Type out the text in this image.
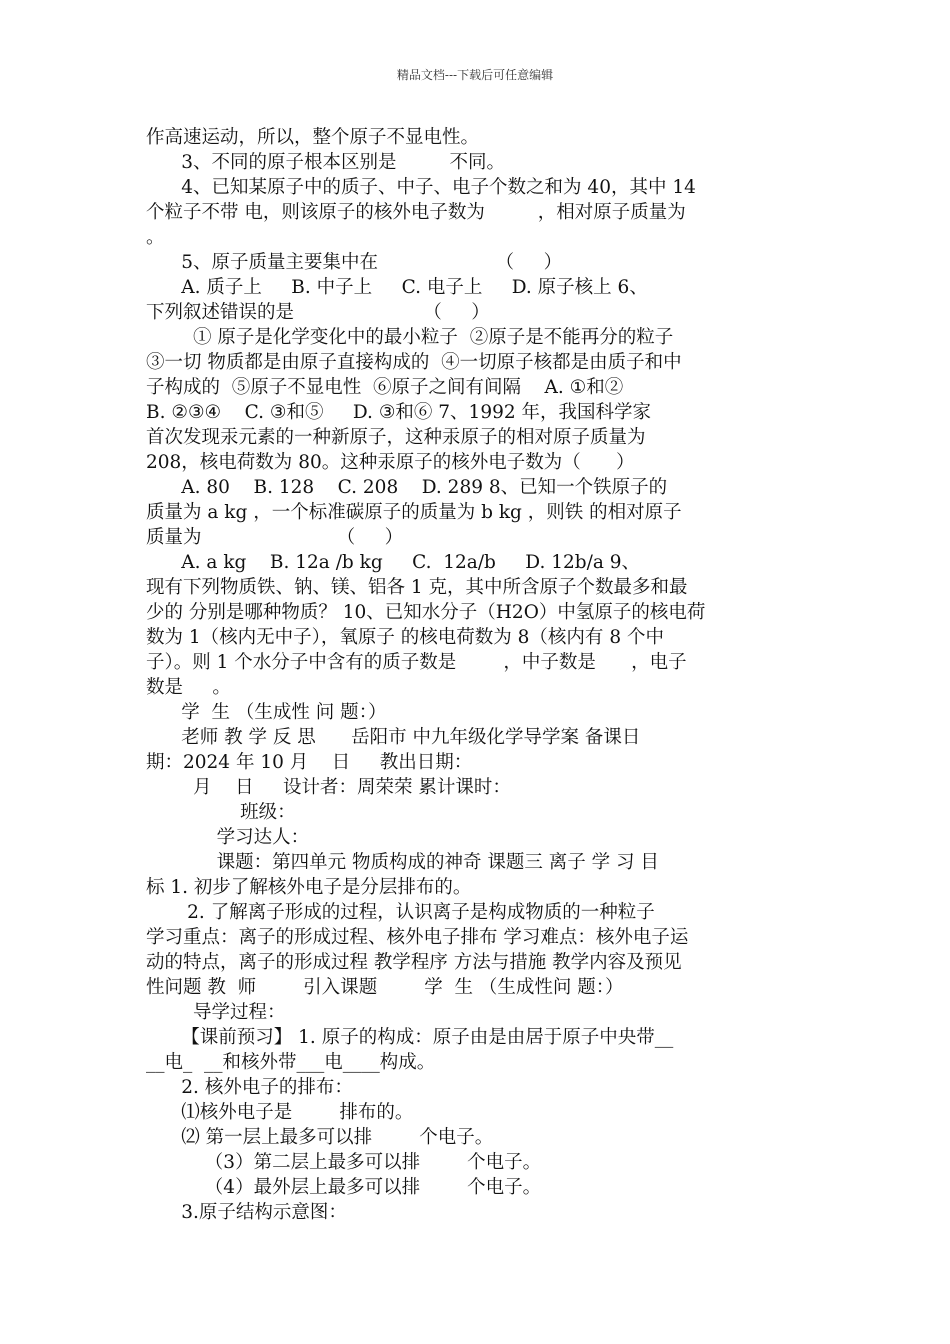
精品文档---下载后可任意编辑
作高速运动，所以，整个原子不显电性。
3、不同的原子根本区别是         不同。
4、已知某原子中的质子、中子、电子个数之和为 40，其中 14
个粒子不带 电，则该原子的核外电子数为         ，相对原子质量为
。
5、原子质量主要集中在                    （     ）
A. 质子上     B. 中子上     C. 电子上     D. 原子核上 6、
下列叙述错误的是                      （     ）
① 原子是化学变化中的最小粒子  ②原子是不能再分的粒子
③一切 物质都是由原子直接构成的  ④一切原子核都是由质子和中
子构成的  ⑤原子不显电性  ⑥原子之间有间隔    A. ①和②
B. ②③④    C. ③和⑤     D. ③和⑥ 7、1992 年，我国科学家
首次发现汞元素的一种新原子，这种汞原子的相对原子质量为
208，核电荷数为 80。这种汞原子的核外电子数为（      ）
A. 80    B. 128    C. 208    D. 289 8、已知一个铁原子的
质量为 a kg ，一个标准碳原子的质量为 b kg ，则铁 的相对原子
质量为                       （     ）
A. a kg    B. 12a /b kg     C.  12a/b     D. 12b/a 9、
现有下列物质铁、钠、镁、铝各 1 克，其中所含原子个数最多和最
少的 分别是哪种物质？ 10、已知水分子（H2O）中氢原子的核电荷
数为 1（核内无中子），氧原子 的核电荷数为 8（核内有 8 个中
子）。则 1 个水分子中含有的质子数是        ，中子数是      ，电子
数是     。
学  生 （生成性 问 题：）
老师 教 学 反 思      岳阳市 中九年级化学导学案 备课日
期：2024 年 10 月    日     教出日期：
月    日     设计者：周荣荣 累计课时：
班级：
学习达人：
课题：第四单元 物质构成的神奇 课题三 离子 学 习 目
标 1. 初步了解核外电子是分层排布的。
2. 了解离子形成的过程，认识离子是构成物质的一种粒子
学习重点：离子的形成过程、核外电子排布 学习难点：核外电子运
动的特点，离子的形成过程 教学程序 方法与措施 教学内容及预见
性问题 教  师        引入课题        学  生 （生成性问 题：）
导学过程：
【课前预习】 1. 原子的构成：原子由是由居于原子中央带__
__电_  __和核外带___电____构成。
2. 核外电子的排布：
⑴核外电子是        排布的。
⑵ 第一层上最多可以排        个电子。
（3）第二层上最多可以排        个电子。
（4）最外层上最多可以排        个电子。
3.原子结构示意图：
